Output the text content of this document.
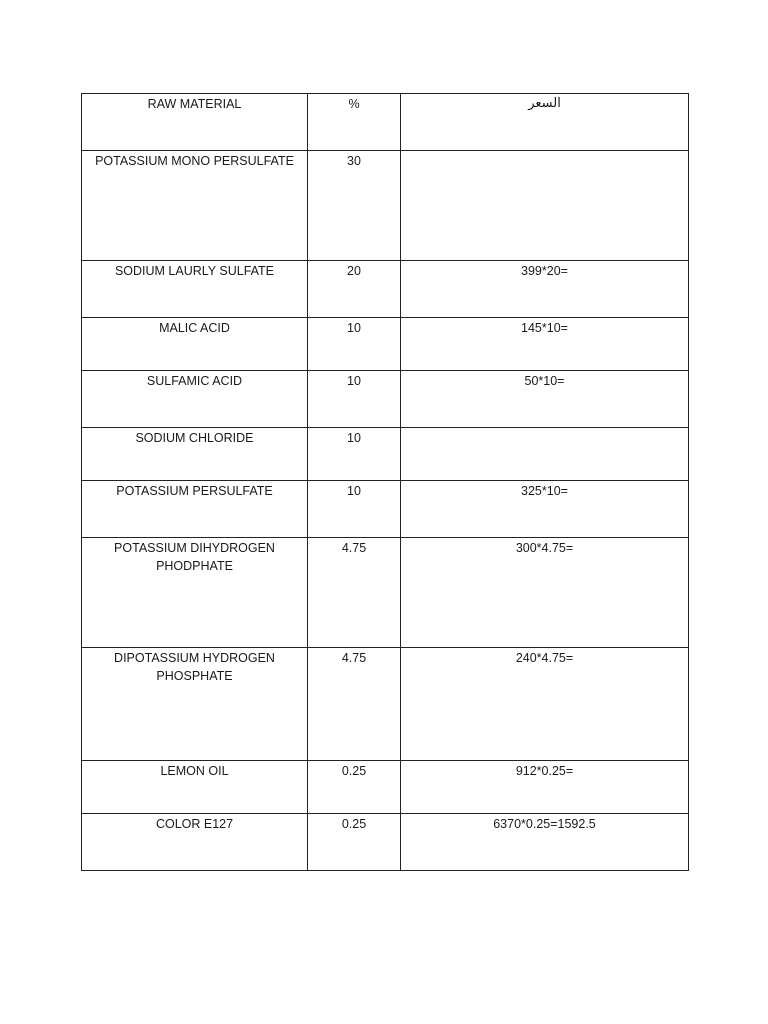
RAW MATERIAL	%	السعر
POTASSIUM MONO PERSULFATE	30	
SODIUM LAURLY SULFATE	20	399*20=
MALIC ACID	10	145*10=
SULFAMIC ACID	10	50*10=
SODIUM CHLORIDE	10	
POTASSIUM PERSULFATE	10	325*10=
POTASSIUM DIHYDROGEN PHODPHATE	4.75	300*4.75=
DIPOTASSIUM HYDROGEN PHOSPHATE	4.75	240*4.75=
LEMON OIL	0.25	912*0.25=
COLOR E127	0.25	6370*0.25=1592.5
